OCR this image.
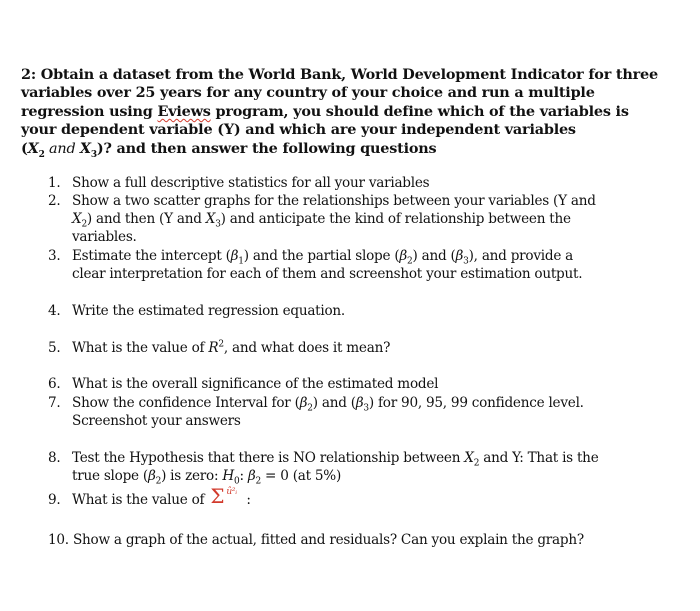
2: Obtain a dataset from the World Bank, World Development Indicator for three
variables over 25 years for any country of your choice and run a multiple
regression using Eviews program, you should define which of the variables is
your dependent variable (Y) and which are your independent variables
($X_2$ and $X_3$)? and then answer the following questions
1. Show a full descriptive statistics for all your variables
2. Show a two scatter graphs for the relationships between your variables (Y and
$X_2$) and then (Y and $X_3$) and anticipate the kind of relationship between the
variables.
3. Estimate the intercept $(\beta_1)$ and the partial slope $(\beta_2)$ and $(\beta_3)$, and provide a
clear interpretation for each of them and screenshot your estimation output.
4. Write the estimated regression equation.
5. What is the value of $R^2$, and what does it mean?
6. What is the overall significance of the estimated model
7. Show the confidence Interval for $(\beta_2)$ and $(\beta_3)$ for 90, 95, 99 confidence level.
Screenshot your answers
8. Test the Hypothesis that there is NO relationship between $X_2$ and Y: That is the
true slope $(\beta_2)$ is zero: $H_0$: $\beta_2 = 0$ (at 5%)
9. What is the value of Σ û²ᵢ :
10. Show a graph of the actual, fitted and residuals? Can you explain the graph?
